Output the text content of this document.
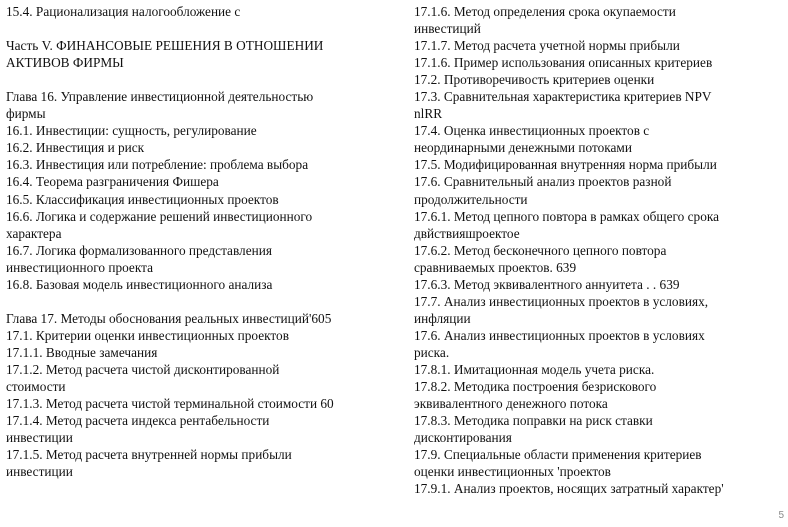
15.4. Рационализация налогообложение с
Часть V. ФИНАНСОВЫЕ РЕШЕНИЯ В ОТНОШЕНИИ
АКТИВОВ ФИРМЫ
Глава 16. Управление инвестиционной деятельностью
фирмы
16.1. Инвестиции: сущность, регулирование
16.2. Инвестиция и риск
16.3. Инвестиция или потребление: проблема выбора
16.4. Теорема разграничения Фишера
16.5. Классификация инвестиционных проектов
16.6. Логика и содержание решений инвестиционного
характера
16.7. Логика формализованного представления
инвестиционного проекта
16.8. Базовая модель инвестиционного анализа
Глава 17. Методы обоснования реальных инвестиций'605
17.1. Критерии оценки инвестиционных проектов
17.1.1. Вводные замечания
17.1.2. Метод расчета чистой дисконтированной
стоимости
17.1.3. Метод расчета чистой терминальной стоимости 60
17.1.4. Метод расчета индекса рентабельности
инвестиции
17.1.5. Метод расчета внутренней нормы прибыли
инвестиции
17.1.6. Метод определения срока окупаемости
инвестиций
17.1.7. Метод расчета учетной нормы прибыли
17.1.6. Пример использования описанных критериев
17.2. Противоречивость критериев оценки
17.3. Сравнительная характеристика критериев NPV
nlRR
17.4. Оценка инвестиционных проектов с
неординарными денежными потоками
17.5. Модифицированная внутренняя норма прибыли
17.6. Сравнительный анализ проектов разной
продолжительности
17.6.1. Метод цепного повтора в рамках общего срока
двйствияшроектое
17.6.2. Метод бесконечного цепного повтора
сравниваемых проектов. 639
17.6.3. Метод эквивалентного аннуитета . . 639
17.7. Анализ инвестиционных проектов в условиях,
инфляции
17.6. Анализ инвестиционных проектов в условиях
риска.
17.8.1. Имитационная модель учета риска.
17.8.2. Методика построения безрискового
эквивалентного денежного потока
17.8.3. Методика поправки на риск ставки
дисконтирования
17.9. Специальные области применения критериев
оценки инвестиционных 'проектов
17.9.1. Анализ проектов, носящих затратный характер'
5
